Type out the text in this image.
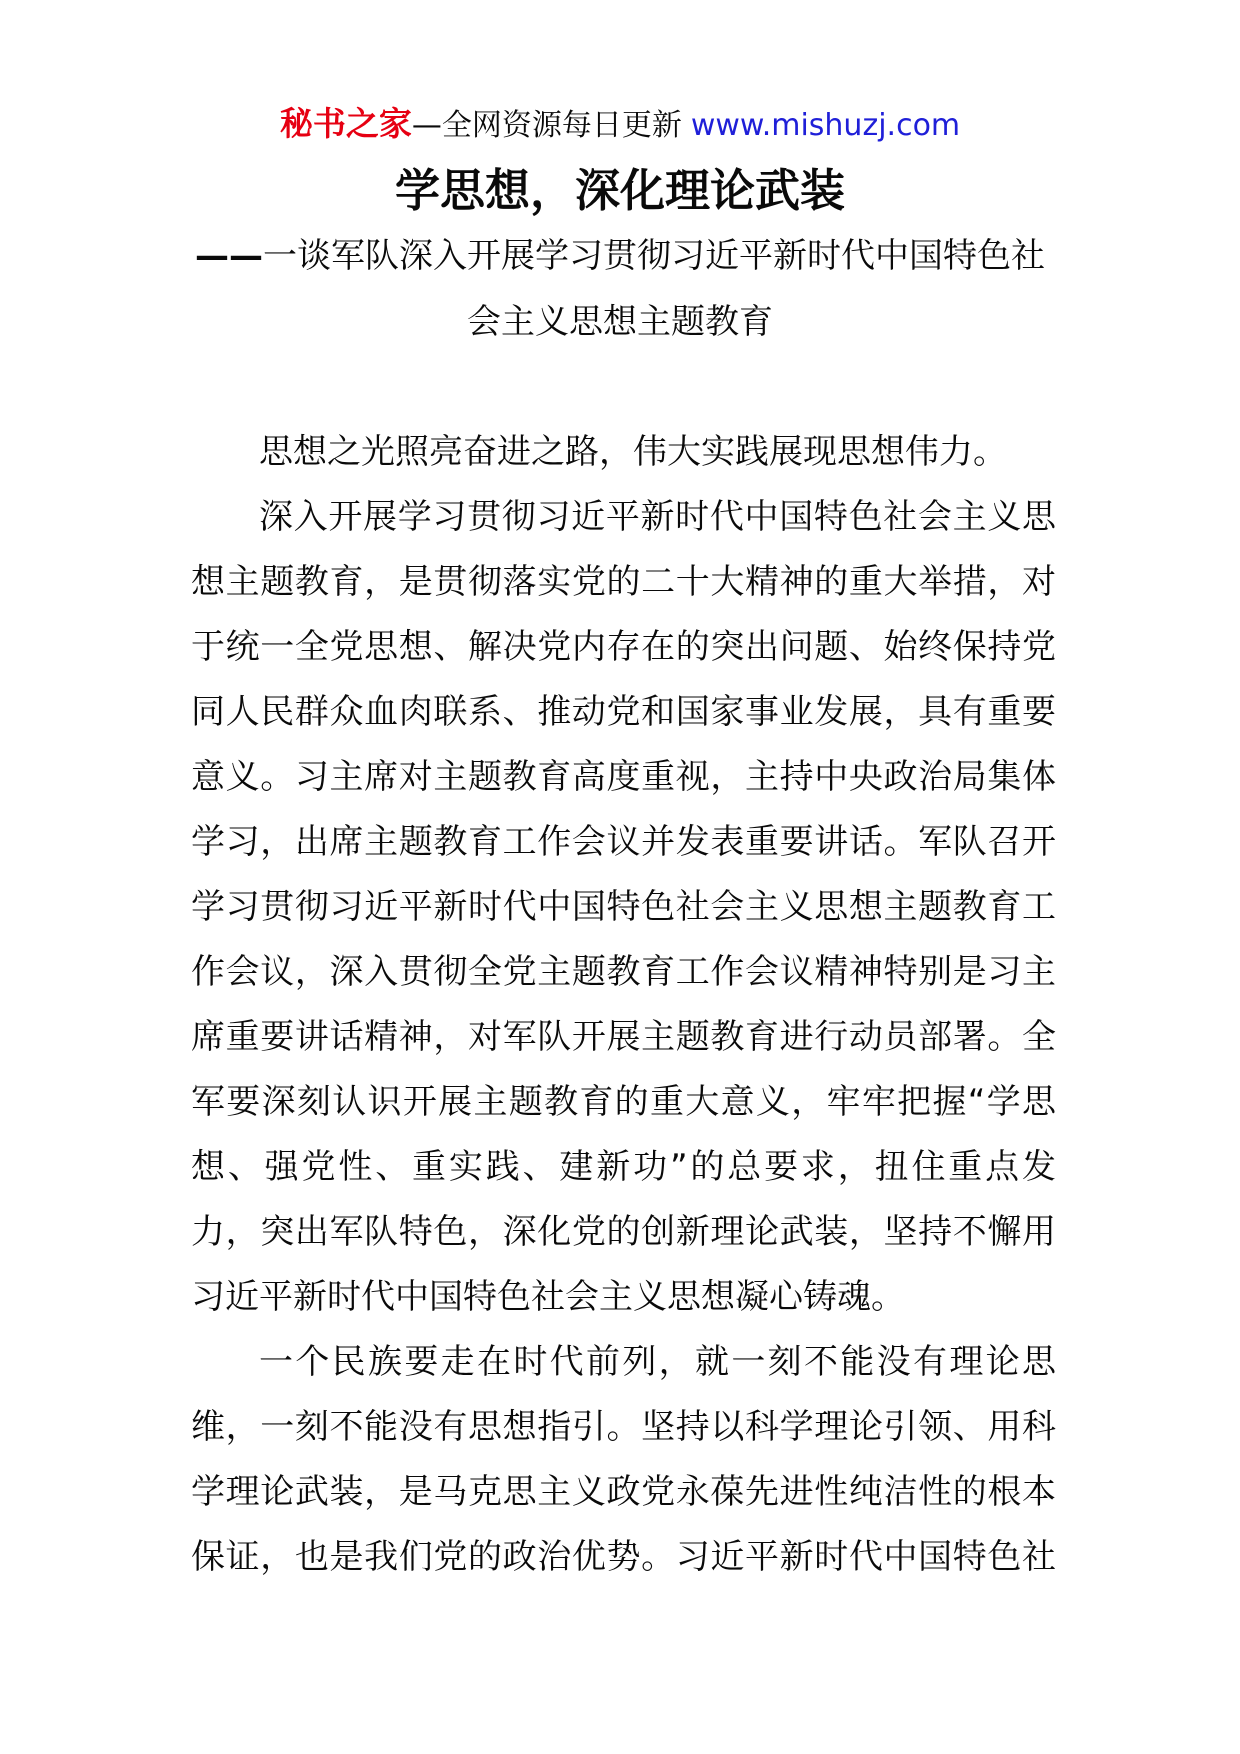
秘书之家—全网资源每日更新 www.mishuzj.com
学思想，深化理论武装
——一谈军队深入开展学习贯彻习近平新时代中国特色社
会主义思想主题教育
思想之光照亮奋进之路，伟大实践展现思想伟力。
深入开展学习贯彻习近平新时代中国特色社会主义思
想主题教育，是贯彻落实党的二十大精神的重大举措，对
于统一全党思想、解决党内存在的突出问题、始终保持党
同人民群众血肉联系、推动党和国家事业发展，具有重要
意义。习主席对主题教育高度重视，主持中央政治局集体
学习，出席主题教育工作会议并发表重要讲话。军队召开
学习贯彻习近平新时代中国特色社会主义思想主题教育工
作会议，深入贯彻全党主题教育工作会议精神特别是习主
席重要讲话精神，对军队开展主题教育进行动员部署。全
军要深刻认识开展主题教育的重大意义，牢牢把握“学思
想、强党性、重实践、建新功”的总要求，扭住重点发
力，突出军队特色，深化党的创新理论武装，坚持不懈用
习近平新时代中国特色社会主义思想凝心铸魂。
一个民族要走在时代前列，就一刻不能没有理论思
维，一刻不能没有思想指引。坚持以科学理论引领、用科
学理论武装，是马克思主义政党永葆先进性纯洁性的根本
保证，也是我们党的政治优势。习近平新时代中国特色社
